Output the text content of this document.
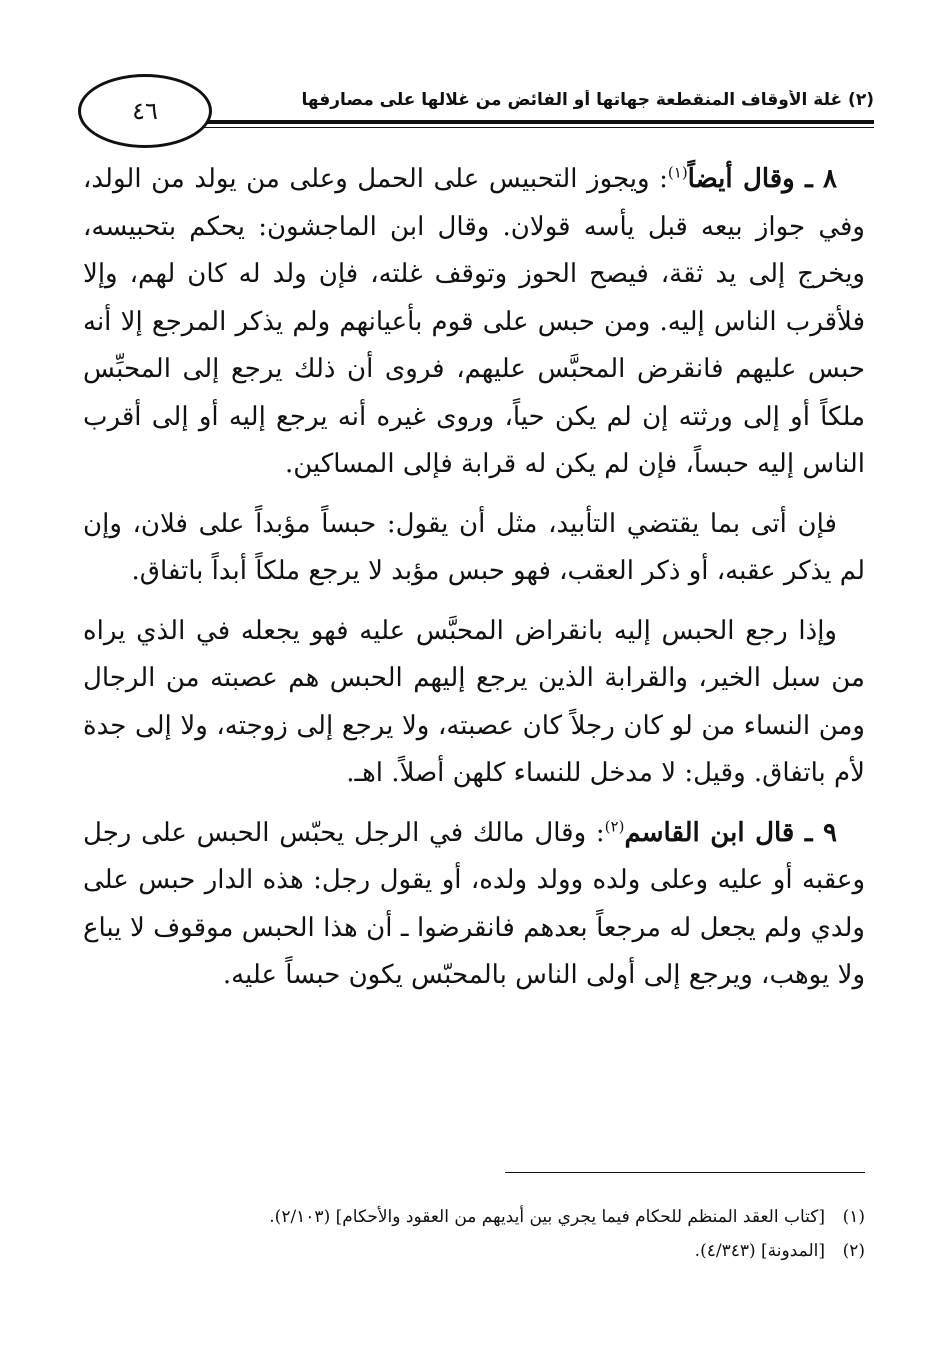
٤٦	(٢) غلة الأوقاف المنقطعة جهاتها أو الفائض من غلالها على مصارفها

٨ ـ وقال أيضاً$^{(١)}$: ويجوز التحبيس على الحمل وعلى من يولد من الولد، وفي جواز بيعه قبل يأسه قولان. وقال ابن الماجشون: يحكم بتحبيسه، ويخرج إلى يد ثقة، فيصح الحوز وتوقف غلته، فإن ولد له كان لهم، وإلا فلأقرب الناس إليه. ومن حبس على قوم بأعيانهم ولم يذكر المرجع إلا أنه حبس عليهم فانقرض المحبَّس عليهم، فروى أن ذلك يرجع إلى المحبِّس ملكاً أو إلى ورثته إن لم يكن حياً، وروى غيره أنه يرجع إليه أو إلى أقرب الناس إليه حبساً، فإن لم يكن له قرابة فإلى المساكين.

فإن أتى بما يقتضي التأبيد، مثل أن يقول: حبساً مؤبداً على فلان، وإن لم يذكر عقبه، أو ذكر العقب، فهو حبس مؤبد لا يرجع ملكاً أبداً باتفاق.

وإذا رجع الحبس إليه بانقراض المحبَّس عليه فهو يجعله في الذي يراه من سبل الخير، والقرابة الذين يرجع إليهم الحبس هم عصبته من الرجال ومن النساء من لو كان رجلاً كان عصبته، ولا يرجع إلى زوجته، ولا إلى جدة لأم باتفاق. وقيل: لا مدخل للنساء كلهن أصلاً. اهـ.

٩ ـ قال ابن القاسم$^{(٢)}$: وقال مالك في الرجل يحبّس الحبس على رجل وعقبه أو عليه وعلى ولده وولد ولده، أو يقول رجل: هذه الدار حبس على ولدي ولم يجعل له مرجعاً بعدهم فانقرضوا ـ أن هذا الحبس موقوف لا يباع ولا يوهب، ويرجع إلى أولى الناس بالمحبّس يكون حبساً عليه.

(١)
[كتاب العقد المنظم للحكام فيما يجري بين أيديهم من العقود والأحكام] (٢/١٠٣).
(٢)
[المدونة] (٤/٣٤٣).
